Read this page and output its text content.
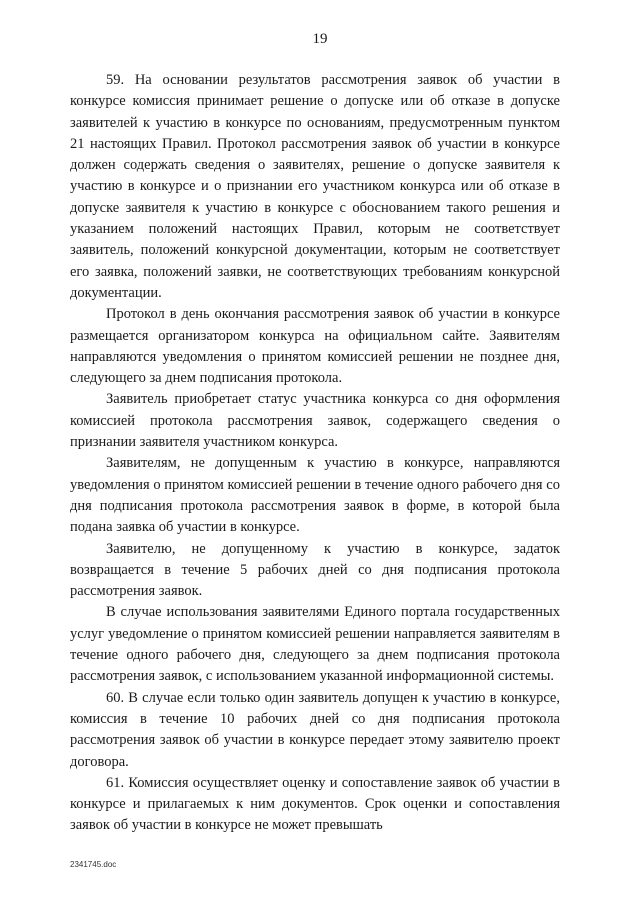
19

59. На основании результатов рассмотрения заявок об участии в конкурсе комиссия принимает решение о допуске или об отказе в допуске заявителей к участию в конкурсе по основаниям, предусмотренным пунктом 21 настоящих Правил. Протокол рассмотрения заявок об участии в конкурсе должен содержать сведения о заявителях, решение о допуске заявителя к участию в конкурсе и о признании его участником конкурса или об отказе в допуске заявителя к участию в конкурсе с обоснованием такого решения и указанием положений настоящих Правил, которым не соответствует заявитель, положений конкурсной документации, которым не соответствует его заявка, положений заявки, не соответствующих требованиям конкурсной документации.

Протокол в день окончания рассмотрения заявок об участии в конкурсе размещается организатором конкурса на официальном сайте. Заявителям направляются уведомления о принятом комиссией решении не позднее дня, следующего за днем подписания протокола.

Заявитель приобретает статус участника конкурса со дня оформления комиссией протокола рассмотрения заявок, содержащего сведения о признании заявителя участником конкурса.

Заявителям, не допущенным к участию в конкурсе, направляются уведомления о принятом комиссией решении в течение одного рабочего дня со дня подписания протокола рассмотрения заявок в форме, в которой была подана заявка об участии в конкурсе.

Заявителю, не допущенному к участию в конкурсе, задаток возвращается в течение 5 рабочих дней со дня подписания протокола рассмотрения заявок.

В случае использования заявителями Единого портала государственных услуг уведомление о принятом комиссией решении направляется заявителям в течение одного рабочего дня, следующего за днем подписания протокола рассмотрения заявок, с использованием указанной информационной системы.

60. В случае если только один заявитель допущен к участию в конкурсе, комиссия в течение 10 рабочих дней со дня подписания протокола рассмотрения заявок об участии в конкурсе передает этому заявителю проект договора.

61. Комиссия осуществляет оценку и сопоставление заявок об участии в конкурсе и прилагаемых к ним документов. Срок оценки и сопоставления заявок об участии в конкурсе не может превышать

2341745.doc
